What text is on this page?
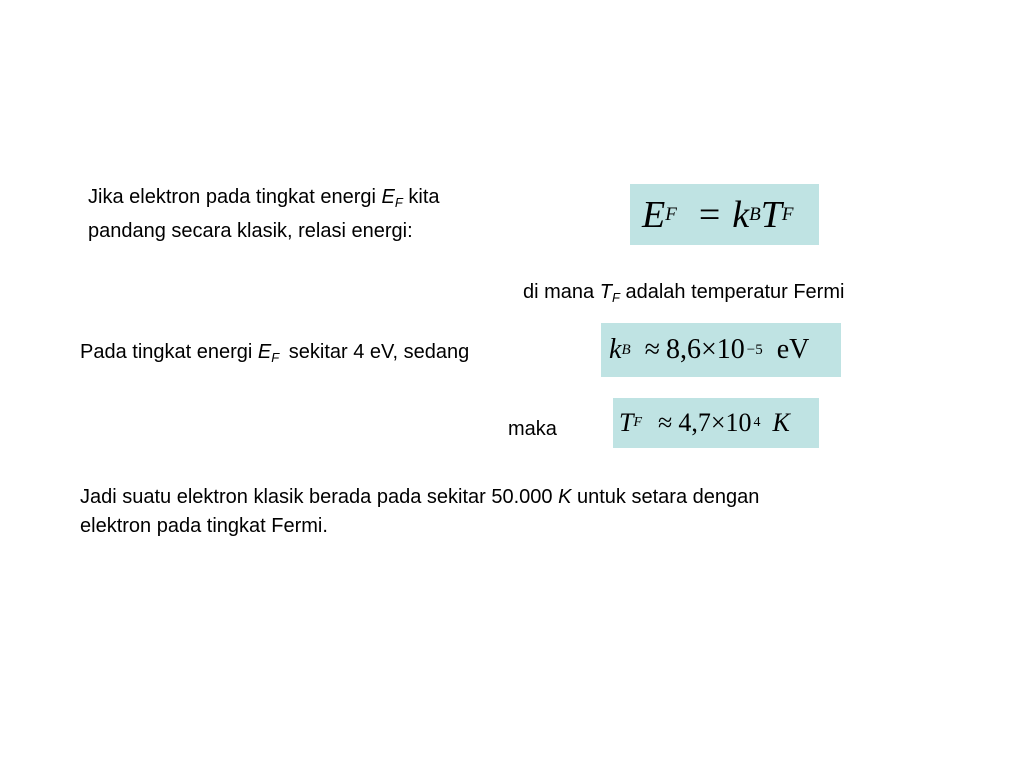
Jika elektron pada tingkat energi $E_F$ kita
pandang secara klasik, relasi energi:	E F = k B T F
di mana $T_F$ adalah temperatur Fermi
Pada tingkat energi $E_F$ sekitar 4 eV, sedang	k B ≈ 8,6 × 10 −5 eV
maka T F ≈ 4,7 × 10 4 K
Jadi suatu elektron klasik berada pada sekitar 50.000 K untuk setara dengan
elektron pada tingkat Fermi.
